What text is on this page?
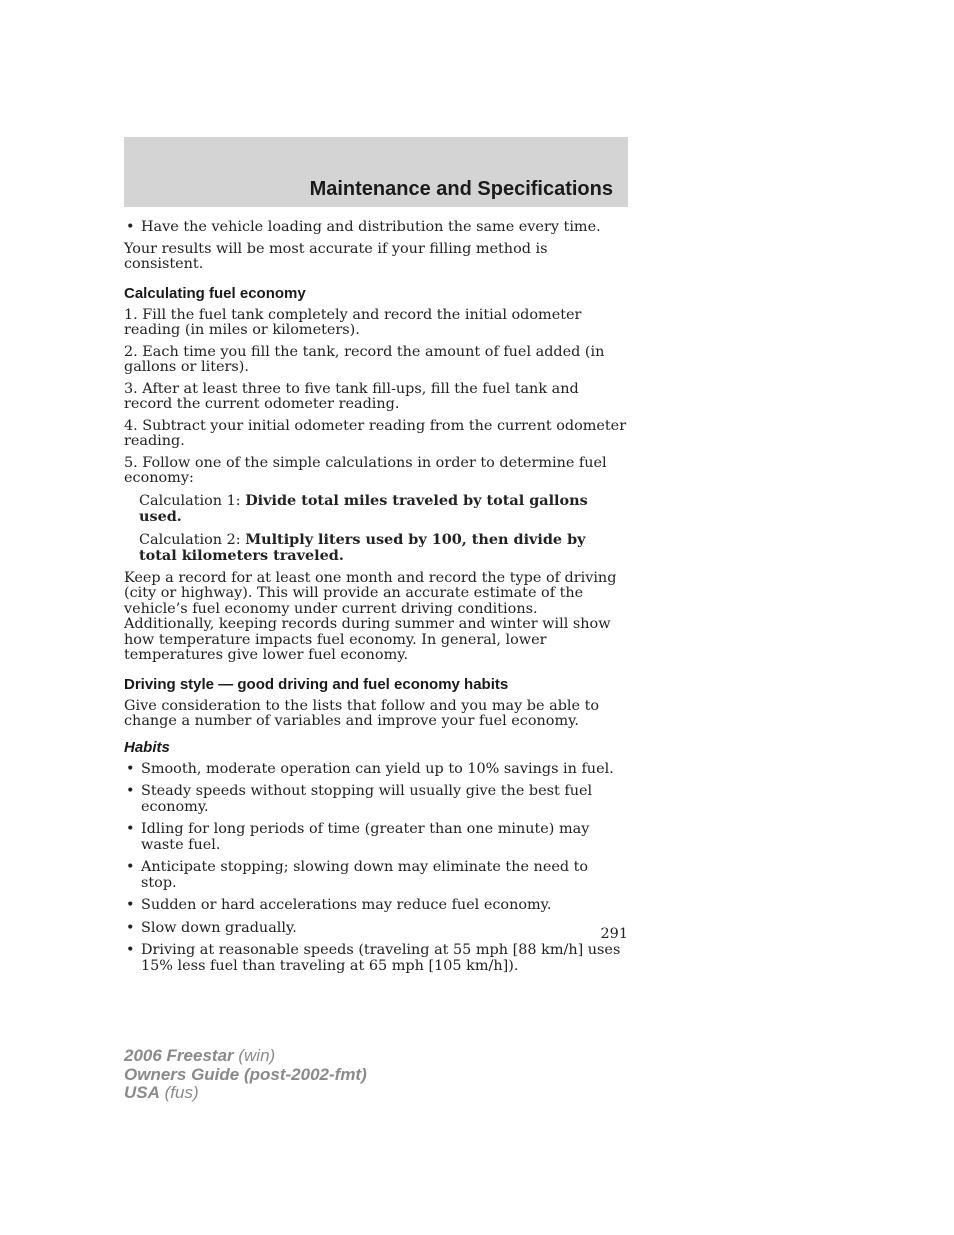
Maintenance and Specifications
• Have the vehicle loading and distribution the same every time.

Your results will be most accurate if your filling method is consistent.

Calculating fuel economy

1. Fill the fuel tank completely and record the initial odometer reading (in miles or kilometers).

2. Each time you fill the tank, record the amount of fuel added (in gallons or liters).

3. After at least three to five tank fill-ups, fill the fuel tank and record the current odometer reading.

4. Subtract your initial odometer reading from the current odometer reading.

5. Follow one of the simple calculations in order to determine fuel economy:

Calculation 1: Divide total miles traveled by total gallons used.

Calculation 2: Multiply liters used by 100, then divide by total kilometers traveled.

Keep a record for at least one month and record the type of driving (city or highway). This will provide an accurate estimate of the vehicle’s fuel economy under current driving conditions. Additionally, keeping records during summer and winter will show how temperature impacts fuel economy. In general, lower temperatures give lower fuel economy.

Driving style — good driving and fuel economy habits

Give consideration to the lists that follow and you may be able to change a number of variables and improve your fuel economy.

Habits
• Smooth, moderate operation can yield up to 10% savings in fuel.
• Steady speeds without stopping will usually give the best fuel economy.
• Idling for long periods of time (greater than one minute) may waste fuel.
• Anticipate stopping; slowing down may eliminate the need to stop.
• Sudden or hard accelerations may reduce fuel economy.
• Slow down gradually.
• Driving at reasonable speeds (traveling at 55 mph [88 km/h] uses 15% less fuel than traveling at 65 mph [105 km/h]).
291
2006 Freestar (win)
Owners Guide (post-2002-fmt)
USA (fus)
